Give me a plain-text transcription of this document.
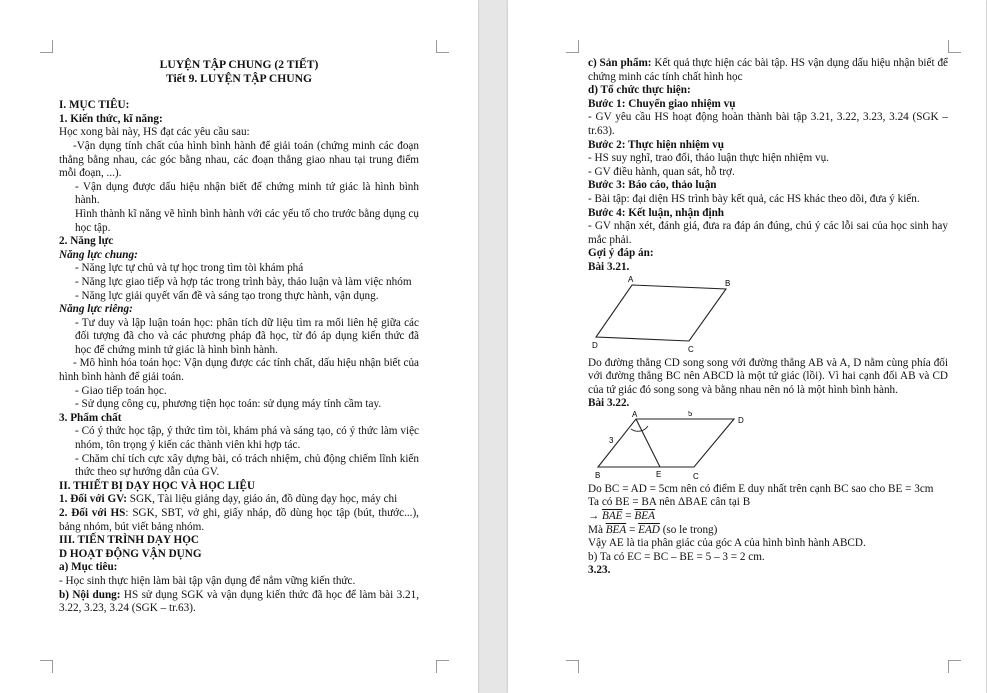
LUYỆN TẬP CHUNG (2 TIẾT)

Tiết 9. LUYỆN TẬP CHUNG

I. MỤC TIÊU:

1. Kiến thức, kĩ năng:

Học xong bài này, HS đạt các yêu cầu sau:

-Vận dụng tính chất của hình bình hành để giải toán (chứng minh các đoạn thẳng bằng nhau, các góc bằng nhau, các đoạn thẳng giao nhau tại trung điểm mỗi đoạn, ...).

- Vận dụng được dấu hiệu nhận biết để chứng minh tứ giác là hình bình hành.

Hình thành kĩ năng vẽ hình bình hành với các yếu tố cho trước bằng dụng cụ học tập.

2. Năng lực

Năng lực chung:

- Năng lực tự chủ và tự học trong tìm tòi khám phá

- Năng lực giao tiếp và hợp tác trong trình bày, thảo luận và làm việc nhóm

- Năng lực giải quyết vấn đề và sáng tạo trong thực hành, vận dụng.

Năng lực riêng:

- Tư duy và lập luận toán học: phân tích dữ liệu tìm ra mối liên hệ giữa các đối tượng đã cho và các phương pháp đã học, từ đó áp dụng kiến thức đã học để chứng minh tứ giác là hình bình hành.

- Mô hình hóa toán học: Vận dụng được các tính chất, dấu hiệu nhận biết của hình bình hành để giải toán.

- Giao tiếp toán học.

- Sử dụng công cụ, phương tiện học toán: sử dụng máy tính cầm tay.

3. Phẩm chất

- Có ý thức học tập, ý thức tìm tòi, khám phá và sáng tạo, có ý thức làm việc nhóm, tôn trọng ý kiến các thành viên khi hợp tác.

- Chăm chỉ tích cực xây dựng bài, có trách nhiệm, chủ động chiếm lĩnh kiến thức theo sự hướng dẫn của GV.

II. THIẾT BỊ DẠY HỌC VÀ HỌC LIỆU

1. Đối với GV: SGK, Tài liệu giảng dạy, giáo án, đồ dùng dạy học, máy chi

2. Đối với HS: SGK, SBT, vở ghi, giấy nháp, đồ dùng học tập (bút, thước...), bảng nhóm, bút viết bảng nhóm.

III. TIẾN TRÌNH DẠY HỌC

D HOẠT ĐỘNG VẬN DỤNG

a) Mục tiêu:

- Học sinh thực hiện làm bài tập vận dụng để nắm vững kiến thức.

b) Nội dung: HS sử dụng SGK và vận dụng kiến thức đã học để làm bài 3.21, 3.22, 3.23, 3.24 (SGK – tr.63).

c) Sản phẩm: Kết quả thực hiện các bài tập. HS vận dụng dấu hiệu nhận biết để chứng minh các tính chất hình học

d) Tổ chức thực hiện:

Bước 1: Chuyển giao nhiệm vụ

- GV yêu cầu HS hoạt động hoàn thành bài tập 3.21, 3.22, 3.23, 3.24 (SGK – tr.63).

Bước 2: Thực hiện nhiệm vụ

- HS suy nghĩ, trao đổi, thảo luận thực hiện nhiệm vụ.

- GV điều hành, quan sát, hỗ trợ.

Bước 3: Báo cáo, thảo luận

- Bài tập: đại diện HS trình bày kết quả, các HS khác theo dõi, đưa ý kiến.

Bước 4: Kết luận, nhận định

- GV nhận xét, đánh giá, đưa ra đáp án đúng, chú ý các lỗi sai của học sinh hay mắc phải.

Gợi ý đáp án:

Bài 3.21.

A	B
C
D

Do đường thẳng CD song song với đường thẳng AB và A, D nằm cùng phía đối với đường thẳng BC nên ABCD là một tứ giác (lồi). Vì hai cạnh đối AB và CD của tứ giác đó song song và bằng nhau nên nó là một hình bình hành.

Bài 3.22.

A
D
B	E	C
5
3

Do BC = AD = 5cm nên có điểm E duy nhất trên cạnh BC sao cho BE = 3cm

Ta có BE = BA nên ΔBAE cân tại B

→ $\overline{BAE} = \overline{BEA}$

Mà $\overline{BEA} = \overline{EAD}$ (so le trong)

Vậy AE là tia phân giác của góc A của hình bình hành ABCD.

b) Ta có EC = BC – BE = 5 – 3 = 2 cm.

3.23.
